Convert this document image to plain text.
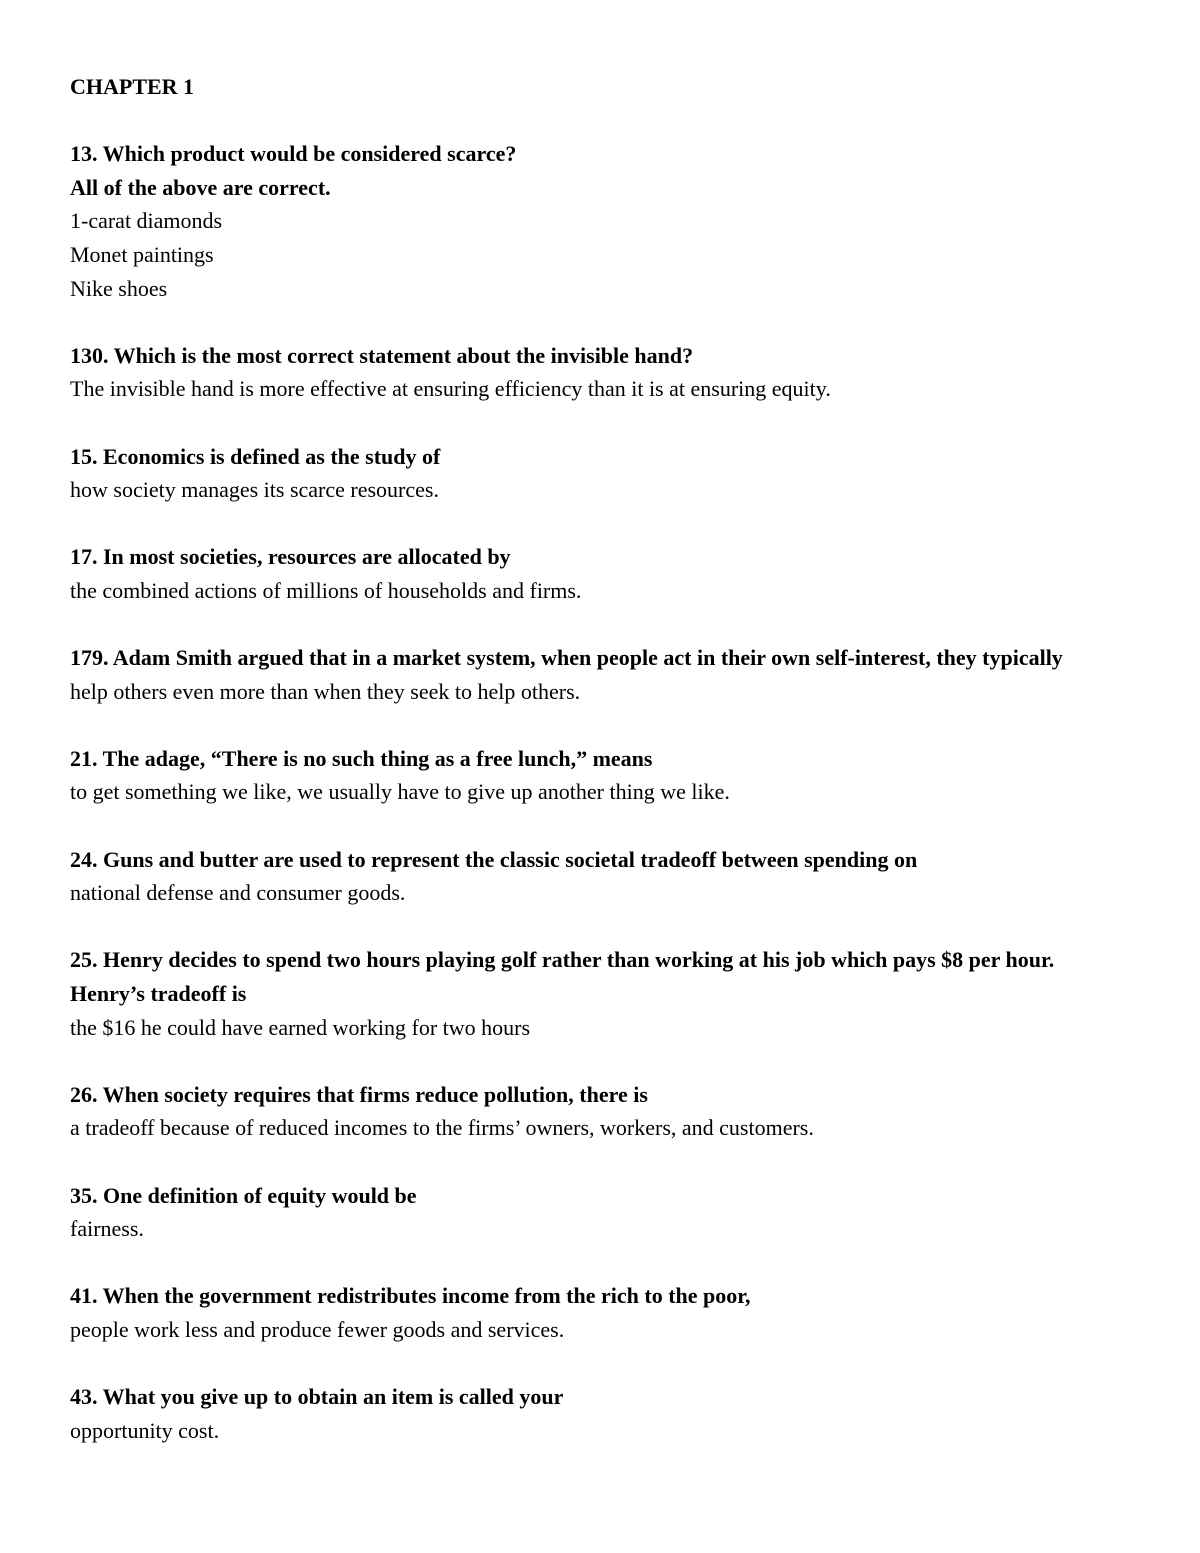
CHAPTER 1
13. Which product would be considered scarce?
All of the above are correct.
1-carat diamonds
Monet paintings
Nike shoes
130. Which is the most correct statement about the invisible hand?
The invisible hand is more effective at ensuring efficiency than it is at ensuring equity.
15. Economics is defined as the study of
how society manages its scarce resources.
17. In most societies, resources are allocated by
the combined actions of millions of households and firms.
179. Adam Smith argued that in a market system, when people act in their own self-interest, they typically
help others even more than when they seek to help others.
21. The adage, “There is no such thing as a free lunch,” means
to get something we like, we usually have to give up another thing we like.
24. Guns and butter are used to represent the classic societal tradeoff between spending on
national defense and consumer goods.
25. Henry decides to spend two hours playing golf rather than working at his job which pays $8 per hour. Henry’s tradeoff is
the $16 he could have earned working for two hours
26. When society requires that firms reduce pollution, there is
a tradeoff because of reduced incomes to the firms’ owners, workers, and customers.
35. One definition of equity would be
fairness.
41. When the government redistributes income from the rich to the poor,
people work less and produce fewer goods and services.
43. What you give up to obtain an item is called your
opportunity cost.
